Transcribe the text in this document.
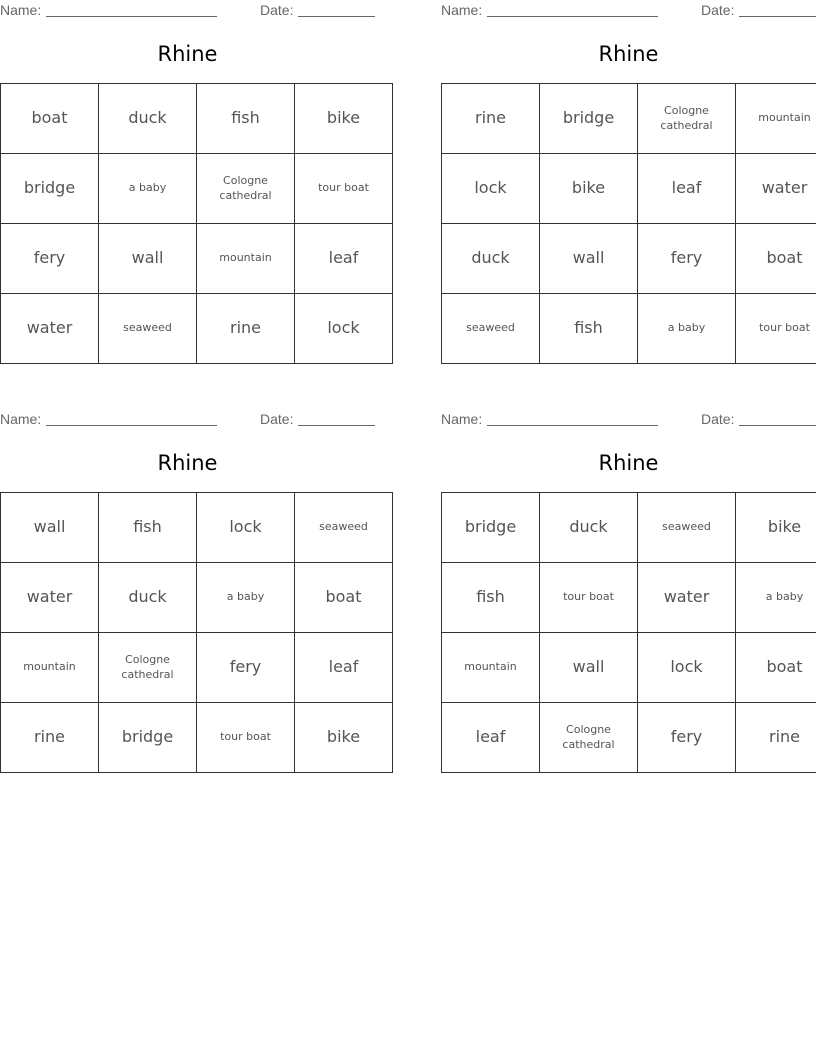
Name:	Date:
Rhine
boat	duck	fish	bike
bridge	a baby	Cologne cathedral	tour boat
fery	wall	mountain	leaf
water	seaweed	rine	lock
Name:	Date:
Rhine
rine	bridge	Cologne cathedral	mountain
lock	bike	leaf	water
duck	wall	fery	boat
seaweed	fish	a baby	tour boat
Name:	Date:
Rhine
wall	fish	lock	seaweed
water	duck	a baby	boat
mountain	Cologne cathedral	fery	leaf
rine	bridge	tour boat	bike
Name:	Date:
Rhine
bridge	duck	seaweed	bike
fish	tour boat	water	a baby
mountain	wall	lock	boat
leaf	Cologne cathedral	fery	rine
